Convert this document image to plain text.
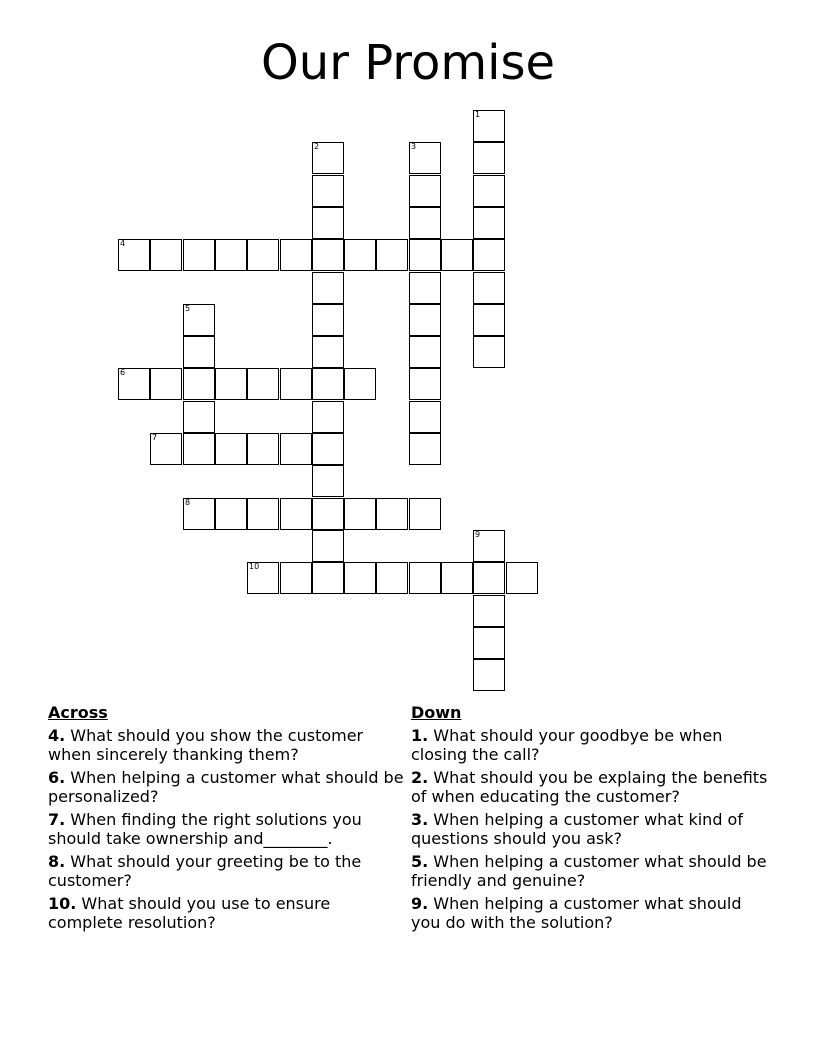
Our Promise
4
6
7
8
10
1
2	3
5
9
Across
4. What should you show the customer when sincerely thanking them?
6. When helping a customer what should be personalized?
7. When finding the right solutions you should take ownership and________.
8. What should your greeting be to the customer?
10. What should you use to ensure complete resolution?
Down
1. What should your goodbye be when closing the call?
2. What should you be explaing the benefits of when educating the customer?
3. When helping a customer what kind of questions should you ask?
5. When helping a customer what should be friendly and genuine?
9. When helping a customer what should you do with the solution?
